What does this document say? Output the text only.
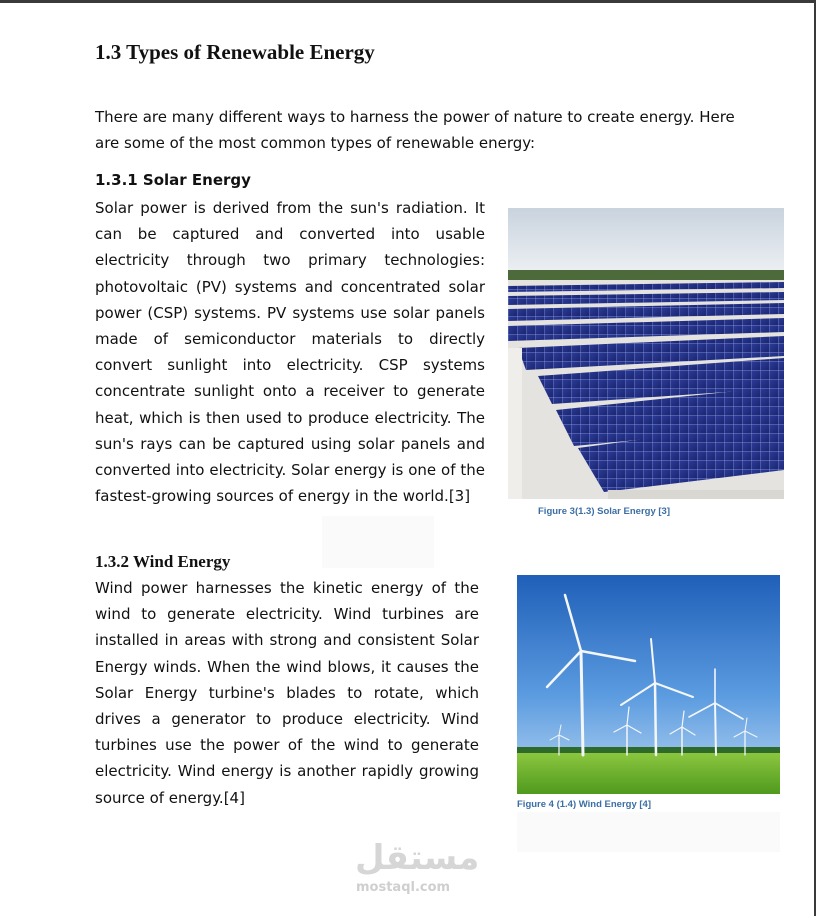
1.3 Types of Renewable Energy
There are many different ways to harness the power of nature to create energy. Here are some of the most common types of renewable energy:
1.3.1 Solar Energy
Solar power is derived from the sun's radiation. It can be captured and converted into usable electricity through two primary technologies: photovoltaic (PV) systems and concentrated solar power (CSP) systems. PV systems use solar panels made of semiconductor materials to directly convert sunlight into electricity. CSP systems concentrate sunlight onto a receiver to generate heat, which is then used to produce electricity. The sun's rays can be captured using solar panels and converted into electricity. Solar energy is one of the fastest-growing sources of energy in the world.[3]
Figure 3(1.3) Solar Energy [3]
1.3.2 Wind Energy
Wind power harnesses the kinetic energy of the wind to generate electricity. Wind turbines are installed in areas with strong and consistent Solar Energy winds. When the wind blows, it causes the Solar Energy turbine's blades to rotate, which drives a generator to produce electricity. Wind turbines use the power of the wind to generate electricity. Wind energy is another rapidly growing source of energy.[4]	Figure 4 (1.4) Wind Energy [4]
مستقل
mostaql.com
